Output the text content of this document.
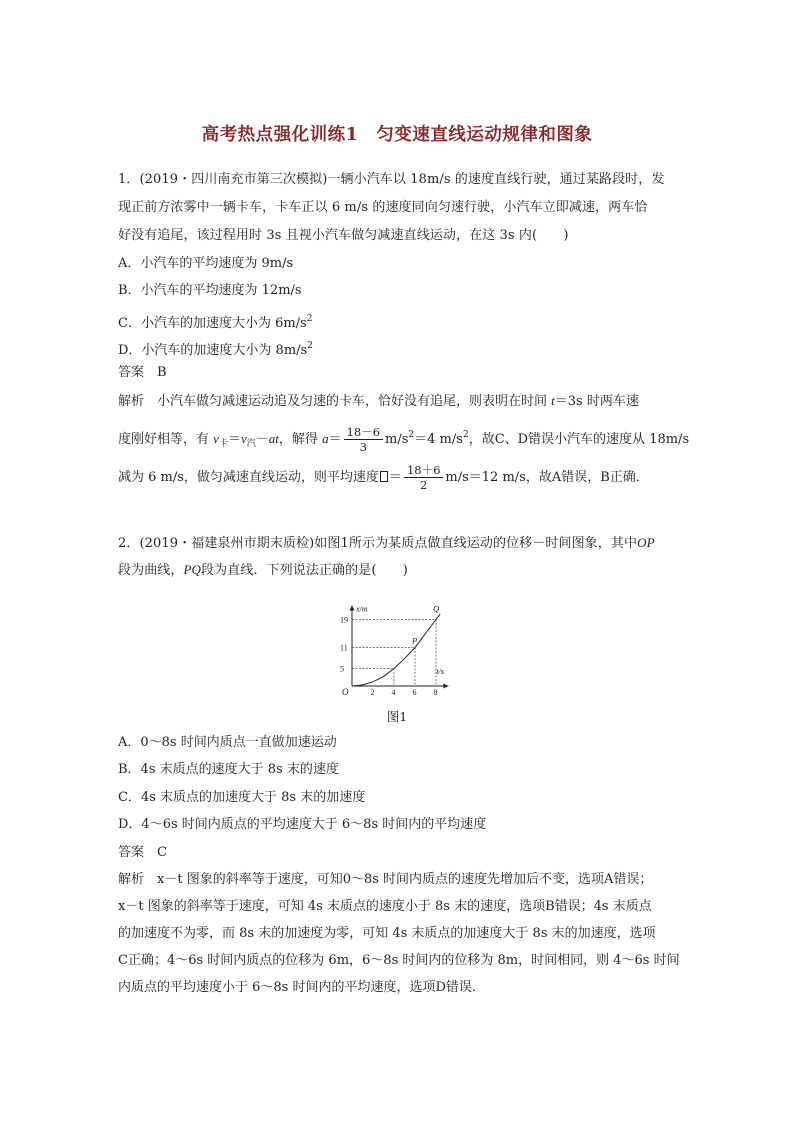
高考热点强化训练1　匀变速直线运动规律和图象
1．(2019・四川南充市第三次模拟)一辆小汽车以 18m/s 的速度直线行驶，通过某路段时，发
现正前方浓雾中一辆卡车，卡车正以 6 m/s 的速度同向匀速行驶，小汽车立即减速，两车恰
好没有追尾，该过程用时 3s 且视小汽车做匀减速直线运动，在这 3s 内(　　)
A．小汽车的平均速度为 9m/s
B．小汽车的平均速度为 12m/s
C．小汽车的加速度大小为 $6m/s^2$
D．小汽车的加速度大小为 $8m/s^2$
答案　B
解析　小汽车做匀减速运动追及匀速的卡车，恰好没有追尾，则表明在时间 t＝3s 时两车速
度刚好相等，有 $v_卡=v_汽-at$，解得 $a= \frac{18-6}{3} m/s^2=4$ $m/s^2$，故C、D错误小汽车的速度从 18m/s
减为 6 m/s，做匀减速直线运动，则平均速度 ＝ $\frac{18+6}{2} m/s=12$ m/s，故A错误，B正确．
2．(2019・福建泉州市期末质检)如图1所示为某质点做直线运动的位移－时间图象，其中OP
段为曲线，PQ段为直线．下列说法正确的是(　　)
x/m
t/s
O	2 4 6 8
5
11
19
P
Q
图1
A．0～8s 时间内质点一直做加速运动
B．4s 末质点的速度大于 8s 末的速度
C．4s 末质点的加速度大于 8s 末的加速度
D．4～6s 时间内质点的平均速度大于 6～8s 时间内的平均速度
答案　C
解析　x－t 图象的斜率等于速度，可知0～8s 时间内质点的速度先增加后不变，选项A错误；
x－t 图象的斜率等于速度，可知 4s 末质点的速度小于 8s 末的速度，选项B错误；4s 末质点
的加速度不为零，而 8s 末的加速度为零，可知 4s 末质点的加速度大于 8s 末的加速度，选项
C正确；4～6s 时间内质点的位移为 6m，6～8s 时间内的位移为 8m，时间相同，则 4～6s 时间
内质点的平均速度小于 6～8s 时间内的平均速度，选项D错误．
